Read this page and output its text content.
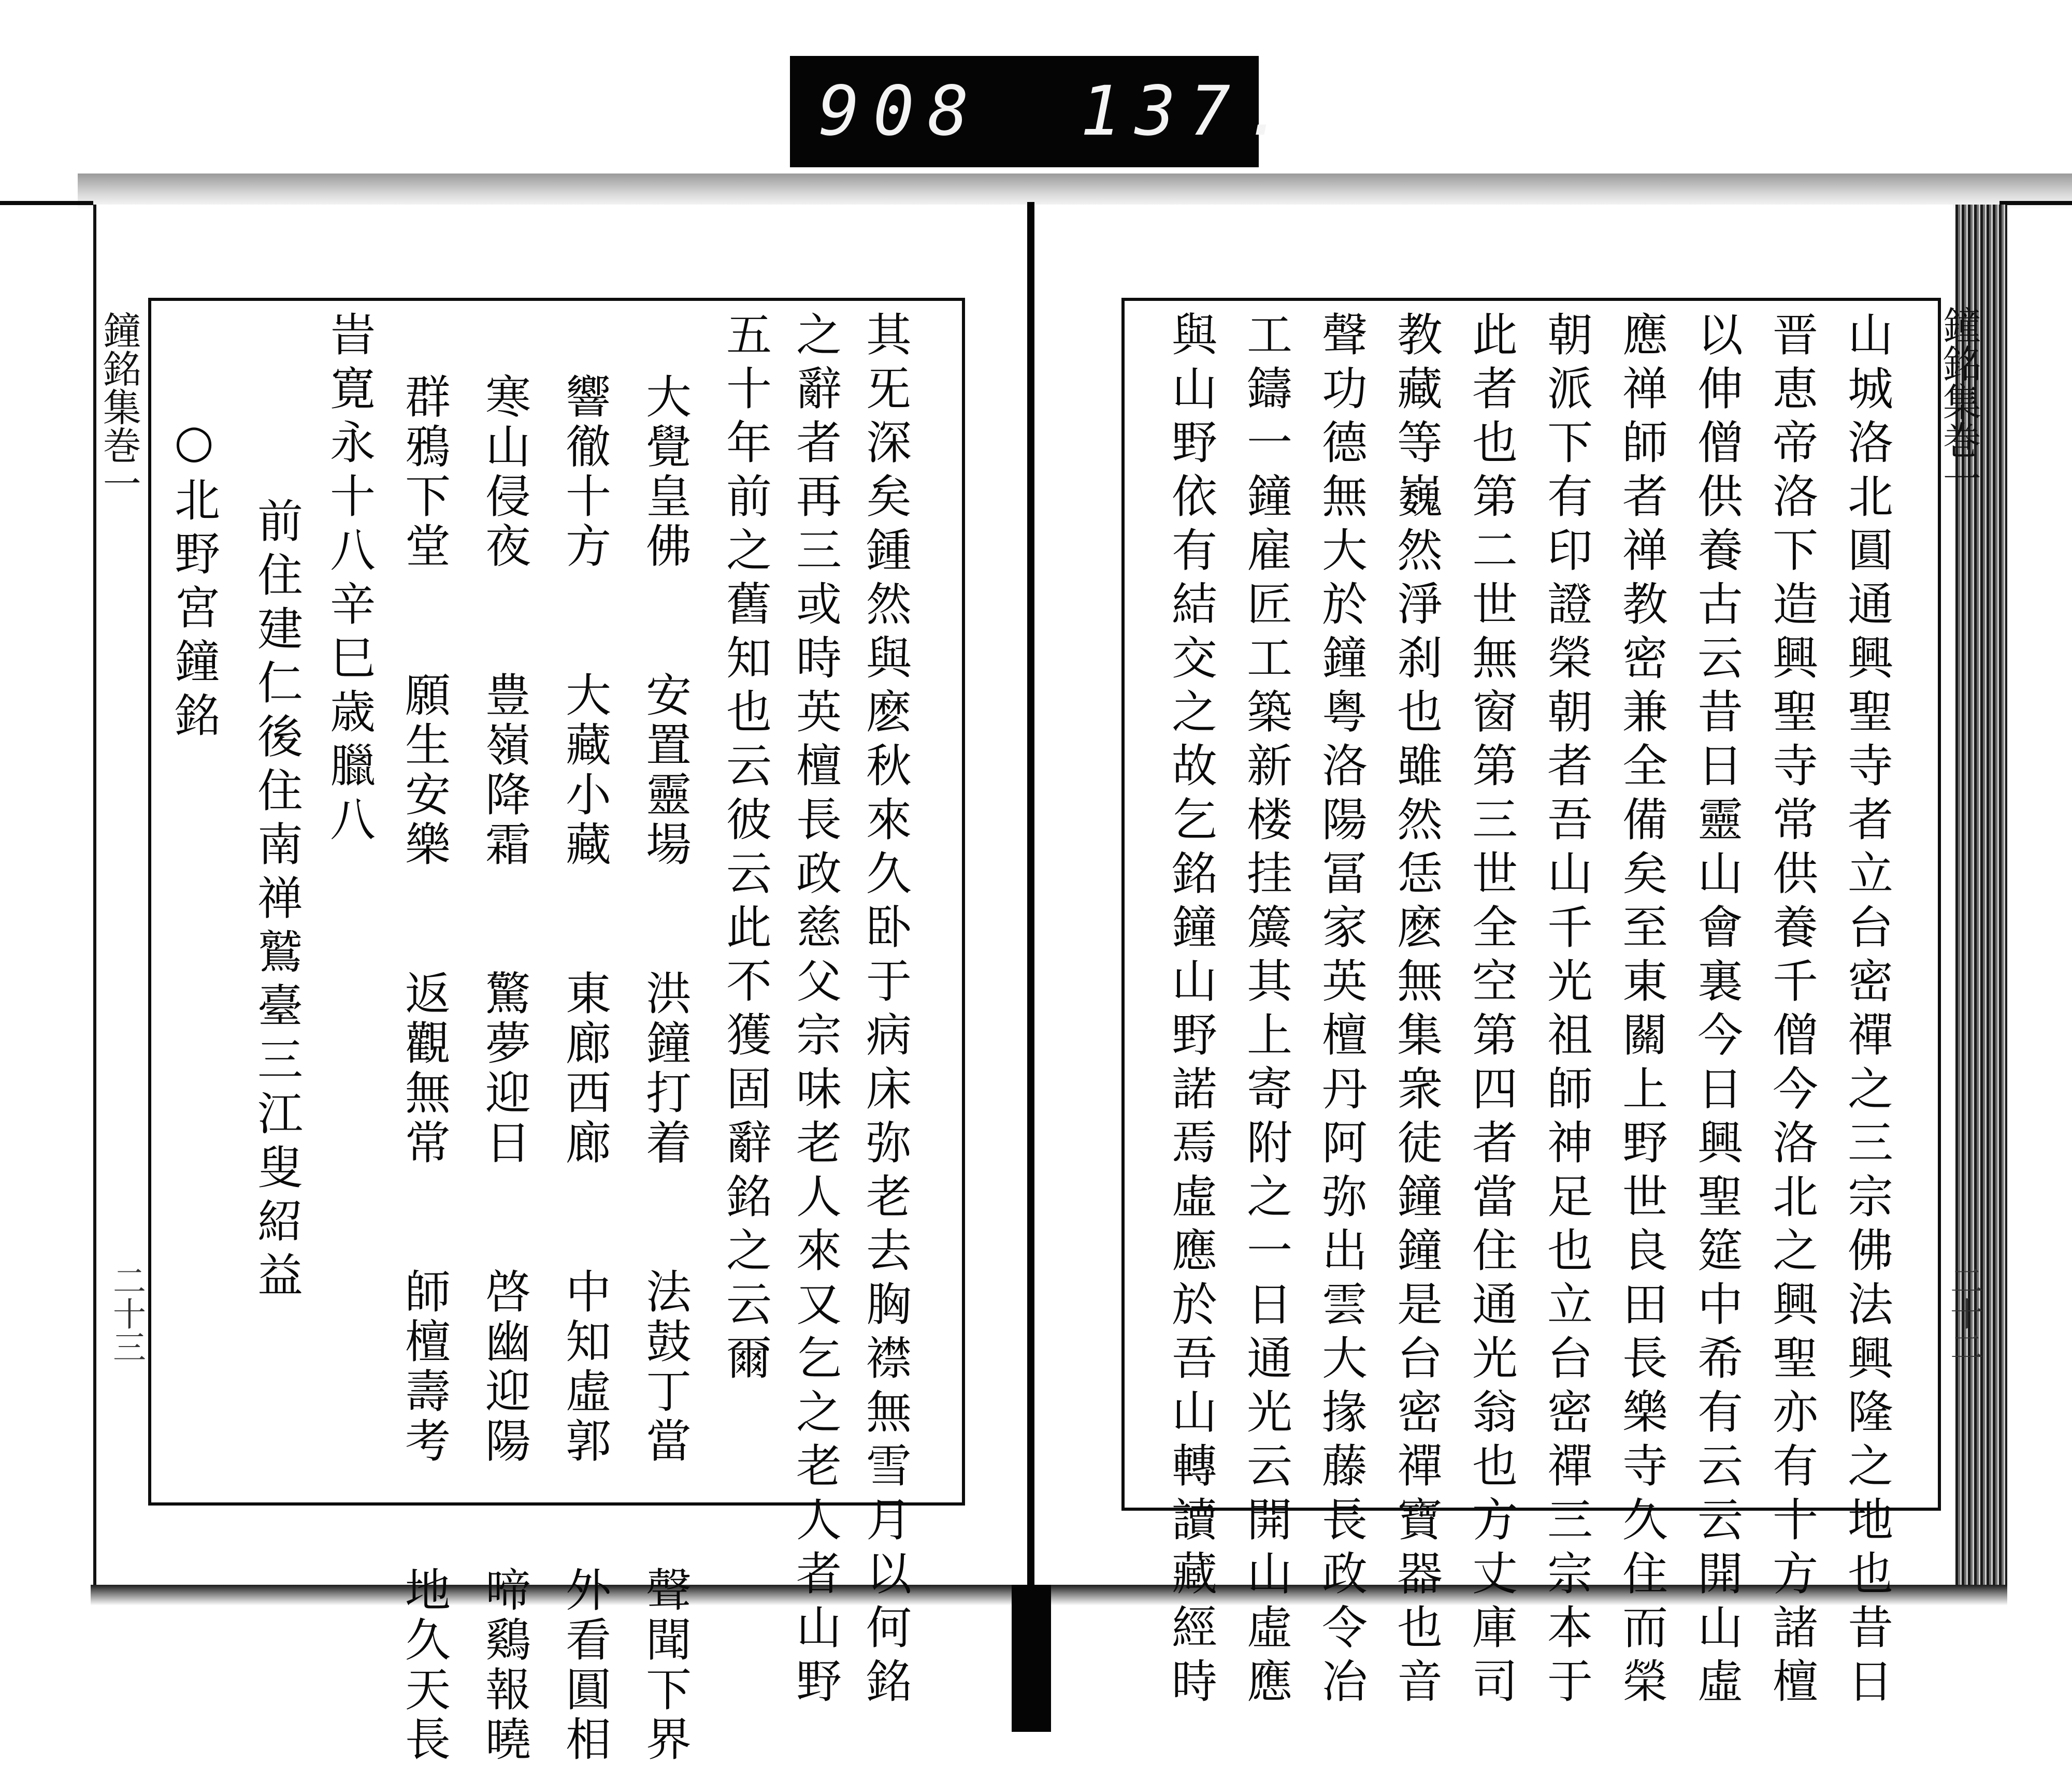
908 137.
鐘銘集巻一
二十三
鐘銘集巻一
二十二
其旡深矣鍾然與麽秋來久卧于病床弥老去胸襟無雪月以何銘
之辭者再三或時英檀長政慈父宗味老人來又乞之老人者山野
五十年前之舊知也云彼云此不獲固辭銘之云爾
大覺皇佛　　安置靈場　　洪鐘打着　　法鼓丁當　　聲聞下界
響徹十方　　大藏小藏　　東廊西廊　　中知虛郭　　外看圓相
寒山侵夜　　豊嶺降霜　　驚夢迎日　　啓幽迎陽　　啼鷄報曉
群鴉下堂　　願生安樂　　返觀無常　　師檀壽考　　地久天長
旹寛永十八辛巳歳臘八
前住建仁後住南禅鷲臺三江叟紹益
○北野宮鐘銘	山城洛北圓通興聖寺者立台密禪之三宗佛法興隆之地也昔日
晋恵帝洛下造興聖寺常供養千僧今洛北之興聖亦有十方諸檀
以伸僧供養古云昔日靈山會裏今日興聖筵中希有云云開山虛
應禅師者禅教密兼全備矣至東關上野世良田長樂寺久住而榮
朝派下有印證榮朝者吾山千光祖師神足也立台密禪三宗本于
此者也第二世無窗第三世全空第四者當住通光翁也方丈庫司
教藏等巍然淨刹也雖然恁麽無集衆徒鐘鐘是台密禪寶器也音
聲功德無大於鐘粤洛陽冨家英檀丹阿弥出雲大掾藤長政令冶
工鑄一鐘雇匠工築新楼挂簴其上寄附之一日通光云開山虛應
與山野依有結交之故乞銘鐘山野諾焉虛應於吾山轉讀藏經時
